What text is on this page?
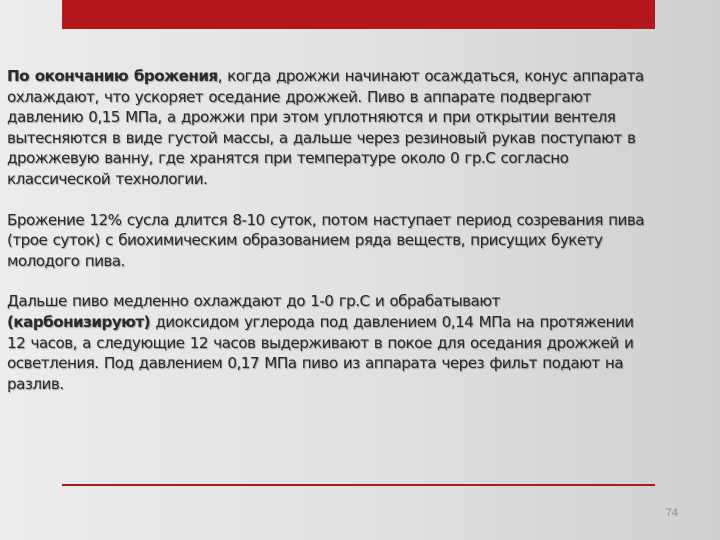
По окончанию брожения, когда дрожжи начинают осаждаться, конус аппарата охлаждают, что ускоряет оседание дрожжей. Пиво в аппарате подвергают давлению 0,15 МПа, а дрожжи при этом уплотняются и при открытии вентеля вытесняются в виде густой массы, а дальше через резиновый рукав поступают в дрожжевую ванну, где хранятся при температуре около 0 гр.С согласно классической технологии.

Брожение 12% сусла длится 8-10 суток, потом наступает период созревания пива (трое суток) с биохимическим образованием ряда веществ, присущих букету молодого пива.

Дальше пиво медленно охлаждают до 1-0 гр.С и обрабатывают (карбонизируют) диоксидом углерода под давлением 0,14 МПа на протяжении 12 часов, а следующие 12 часов выдерживают в покое для оседания дрожжей и осветления. Под давлением 0,17 МПа пиво из аппарата через фильт подают на разлив.

74
